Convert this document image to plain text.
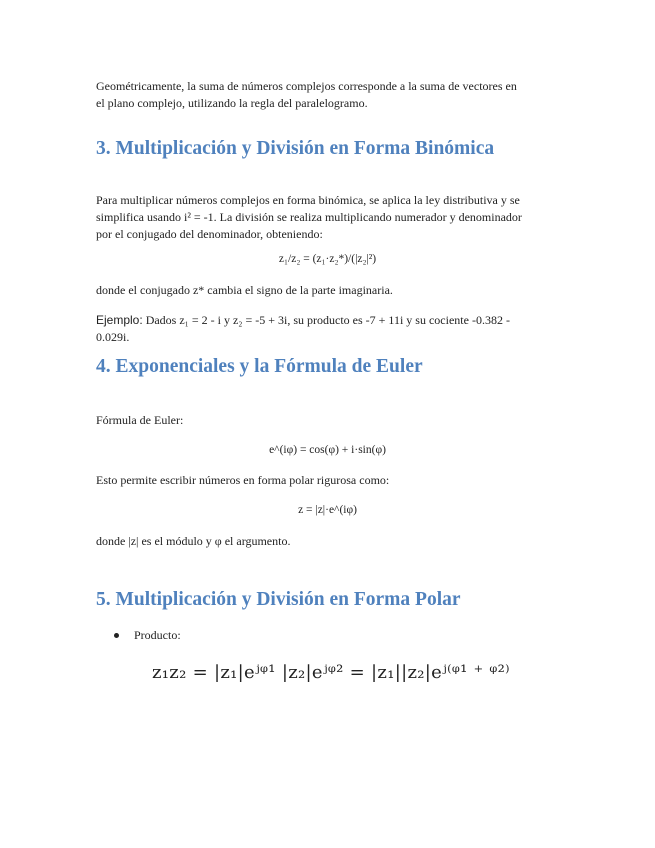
Geométricamente, la suma de números complejos corresponde a la suma de vectores en
el plano complejo, utilizando la regla del paralelogramo.

3. Multiplicación y División en Forma Binómica

Para multiplicar números complejos en forma binómica, se aplica la ley distributiva y se
simplifica usando i² = -1. La división se realiza multiplicando numerador y denominador
por el conjugado del denominador, obteniendo:

z₁/z₂ = (z₁·z₂*)/(|z₂|²)

donde el conjugado z* cambia el signo de la parte imaginaria.

Ejemplo: Dados z₁ = 2 - i y z₂ = -5 + 3i, su producto es -7 + 11i y su cociente -0.382 -
0.029i.

4. Exponenciales y la Fórmula de Euler

Fórmula de Euler:

e^(iφ) = cos(φ) + i·sin(φ)

Esto permite escribir números en forma polar rigurosa como:

z = |z|·e^(iφ)

donde |z| es el módulo y φ el argumento.

5. Multiplicación y División en Forma Polar
Producto:
z₁z₂ = |z₁|eʲᵠ¹ |z₂|eʲᵠ² = |z₁||z₂|eʲ⁽ᵠ¹ ⁺ ᵠ²⁾
